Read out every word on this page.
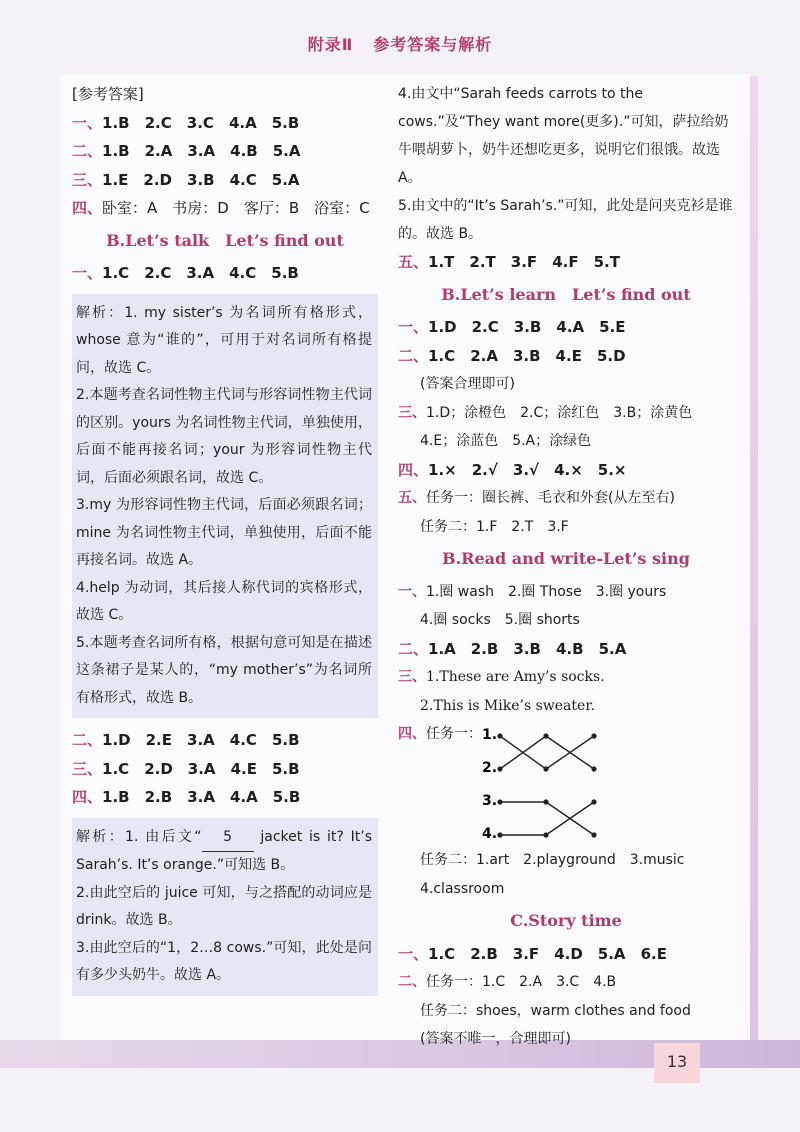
附录Ⅱ 参考答案与解析
[参考答案]
一、1.B　 2.C　 3.C　 4.A　 5.B
二、1.B　 2.A　 3.A　 4.B　 5.A
三、1.E　 2.D　 3.B　 4.C　 5.A
四、卧室：A　书房：D　客厅：B　浴室：C
B.Let’s talk　Let’s find out
一、1.C　 2.C　 3.A　 4.C　 5.B

解析：1. my sister’s 为名词所有格形式，whose 意为“谁的”，可用于对名词所有格提问，故选 C。

2.本题考查名词性物主代词与形容词性物主代词的区别。yours 为名词性物主代词，单独使用，后面不能再接名词；your 为形容词性物主代词，后面必须跟名词，故选 C。

3.my 为形容词性物主代词，后面必须跟名词；mine 为名词性物主代词，单独使用，后面不能再接名词。故选 A。

4.help 为动词，其后接人称代词的宾格形式，故选 C。

5.本题考查名词所有格，根据句意可知是在描述这条裙子是某人的，“my mother’s”为名词所有格形式，故选 B。

二、1.D　 2.E　 3.A　 4.C　 5.B
三、1.C　 2.D　 3.A　 4.E　 5.B
四、1.B　 2.B　 3.A　 4.A　 5.B

解析：1. 由后文“ 5 jacket is it? It’s Sarah’s. It’s orange.”可知选 B。

2.由此空后的 juice 可知，与之搭配的动词应是 drink。故选 B。

3.由此空后的“1，2…8 cows.”可知，此处是问有多少头奶牛。故选 A。

4.由文中“Sarah feeds carrots to the cows.”及“They want more(更多).”可知，萨拉给奶牛喂胡萝卜，奶牛还想吃更多，说明它们很饿。故选 A。

5.由文中的“It’s Sarah’s.”可知，此处是问夹克衫是谁的。故选 B。

五、1.T　 2.T　 3.F　 4.F　 5.T
B.Let’s learn　Let’s find out
一、1.D　 2.C　 3.B　 4.A　 5.E
二、1.C　 2.A　 3.B　 4.E　 5.D
(答案合理即可)
三、1.D；涂橙色　2.C；涂红色　3.B；涂黄色
4.E；涂蓝色　5.A；涂绿色
四、1.×　 2.√　 3.√　 4.×　 5.×
五、任务一：圈长裤、毛衣和外套(从左至右)
任务二：1.F　2.T　3.F
B.Read and write-Let’s sing
一、1.圈 wash　2.圈 Those　3.圈 yours
4.圈 socks　5.圈 shorts
二、1.A　 2.B　 3.B　 4.B　 5.A
三、1.These are Amy’s socks.
2.This is Mike’s sweater.
四、任务一： 1.
2.
3.
4.
任务二：1.art　2.playground　3.music
4.classroom
C.Story time
一、1.C　 2.B　 3.F　 4.D　 5.A　 6.E
二、任务一：1.C　2.A　3.C　4.B
任务二：shoes，warm clothes and food
(答案不唯一，合理即可)
13
